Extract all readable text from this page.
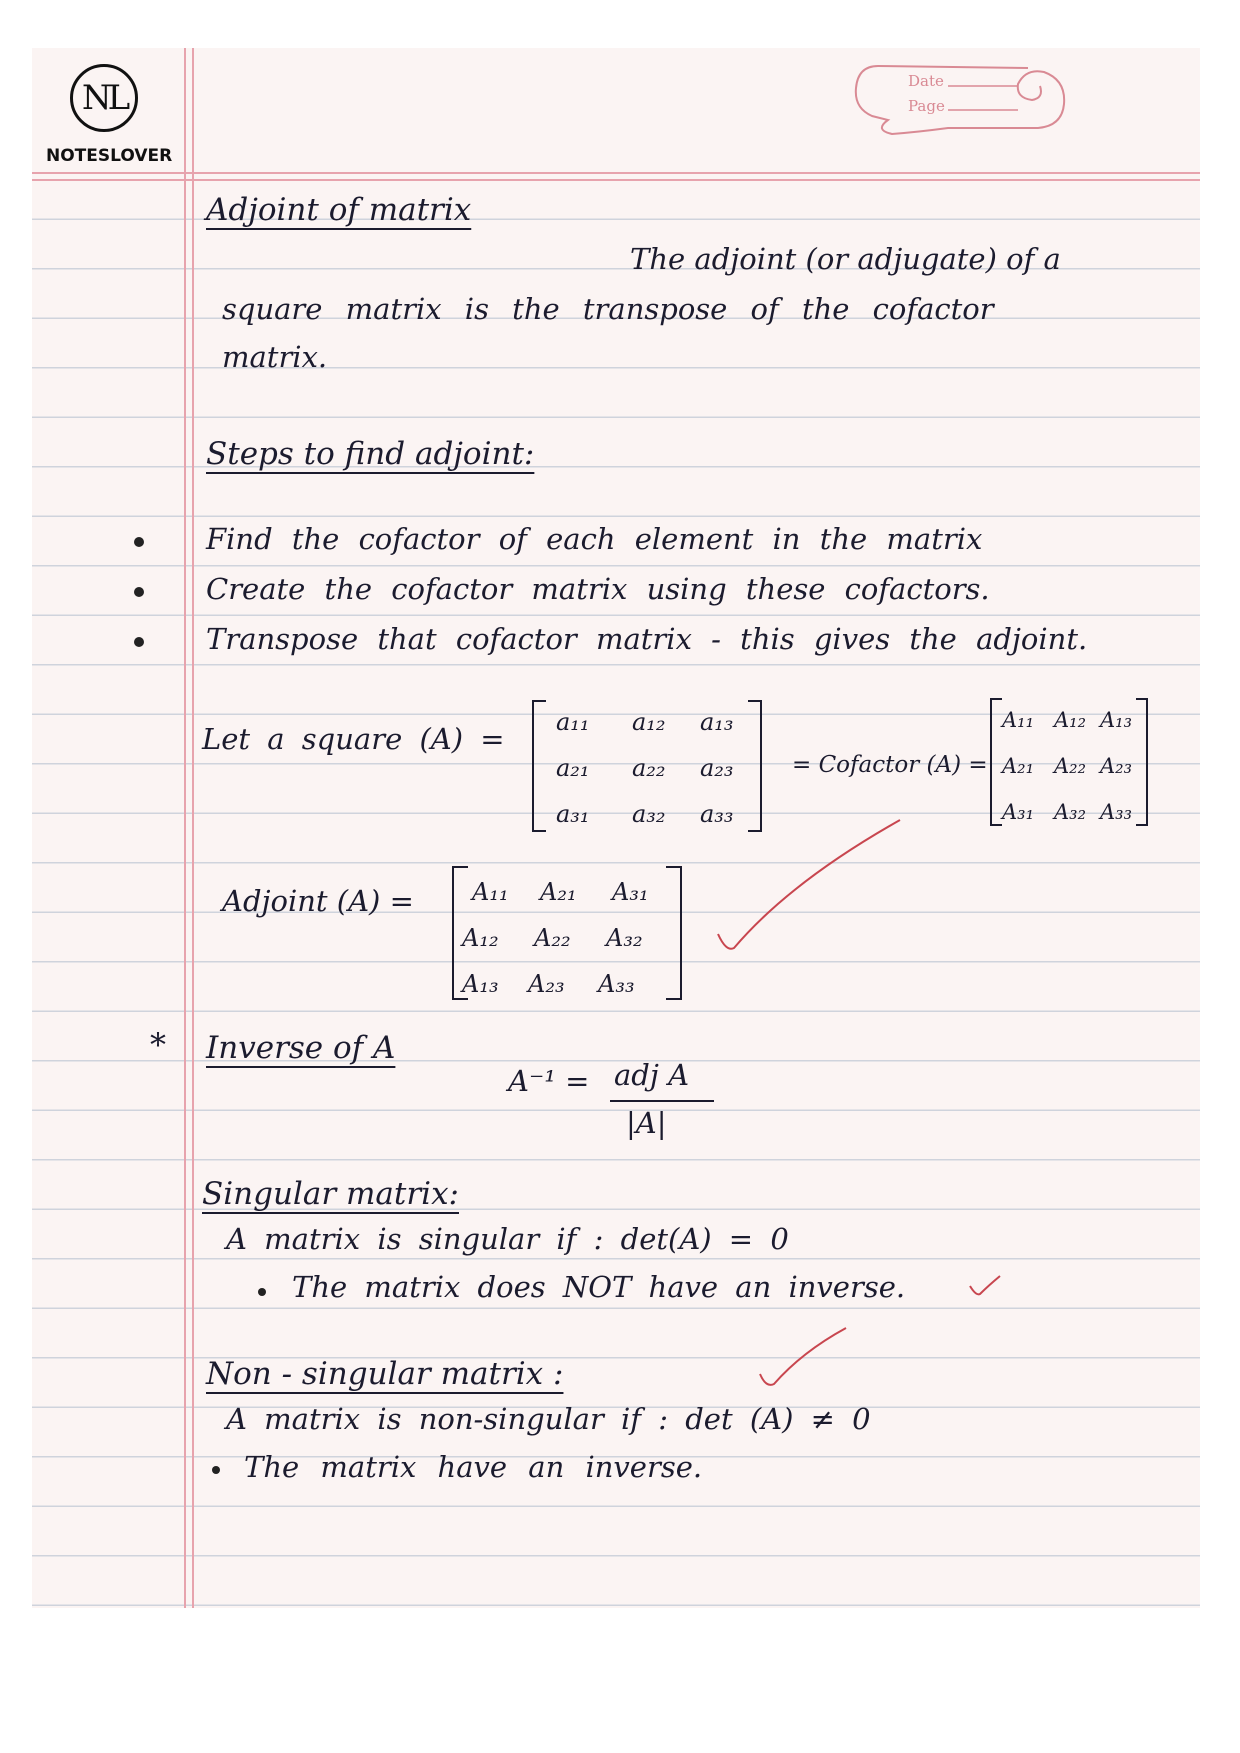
NL
NOTESLOVER
Date
Page
Adjoint of matrix
The adjoint (or adjugate) of a
square matrix is the transpose of the cofactor
matrix.
Steps to find adjoint:
Find the cofactor of each element in the matrix
Create the cofactor matrix using these cofactors.
Transpose that cofactor matrix - this gives the adjoint.
Let a square (A) = a₁₁ a₁₂ a₁₃
a₂₁ a₂₂ a₂₃
a₃₁ a₃₂ a₃₃
= Cofactor (A) =
A₁₁ A₁₂ A₁₃
A₂₁ A₂₂ A₂₃
A₃₁ A₃₂ A₃₃
Adjoint (A) = A₁₁ A₂₁ A₃₁
A₁₂ A₂₂ A₃₂
A₁₃ A₂₃ A₃₃
* Inverse of A
A⁻¹ = adj A
|A|
Singular matrix:
A matrix is singular if : det(A) = 0
The matrix does NOT have an inverse.
Non - singular matrix :
A matrix is non-singular if : det (A) ≠ 0
The matrix have an inverse.
